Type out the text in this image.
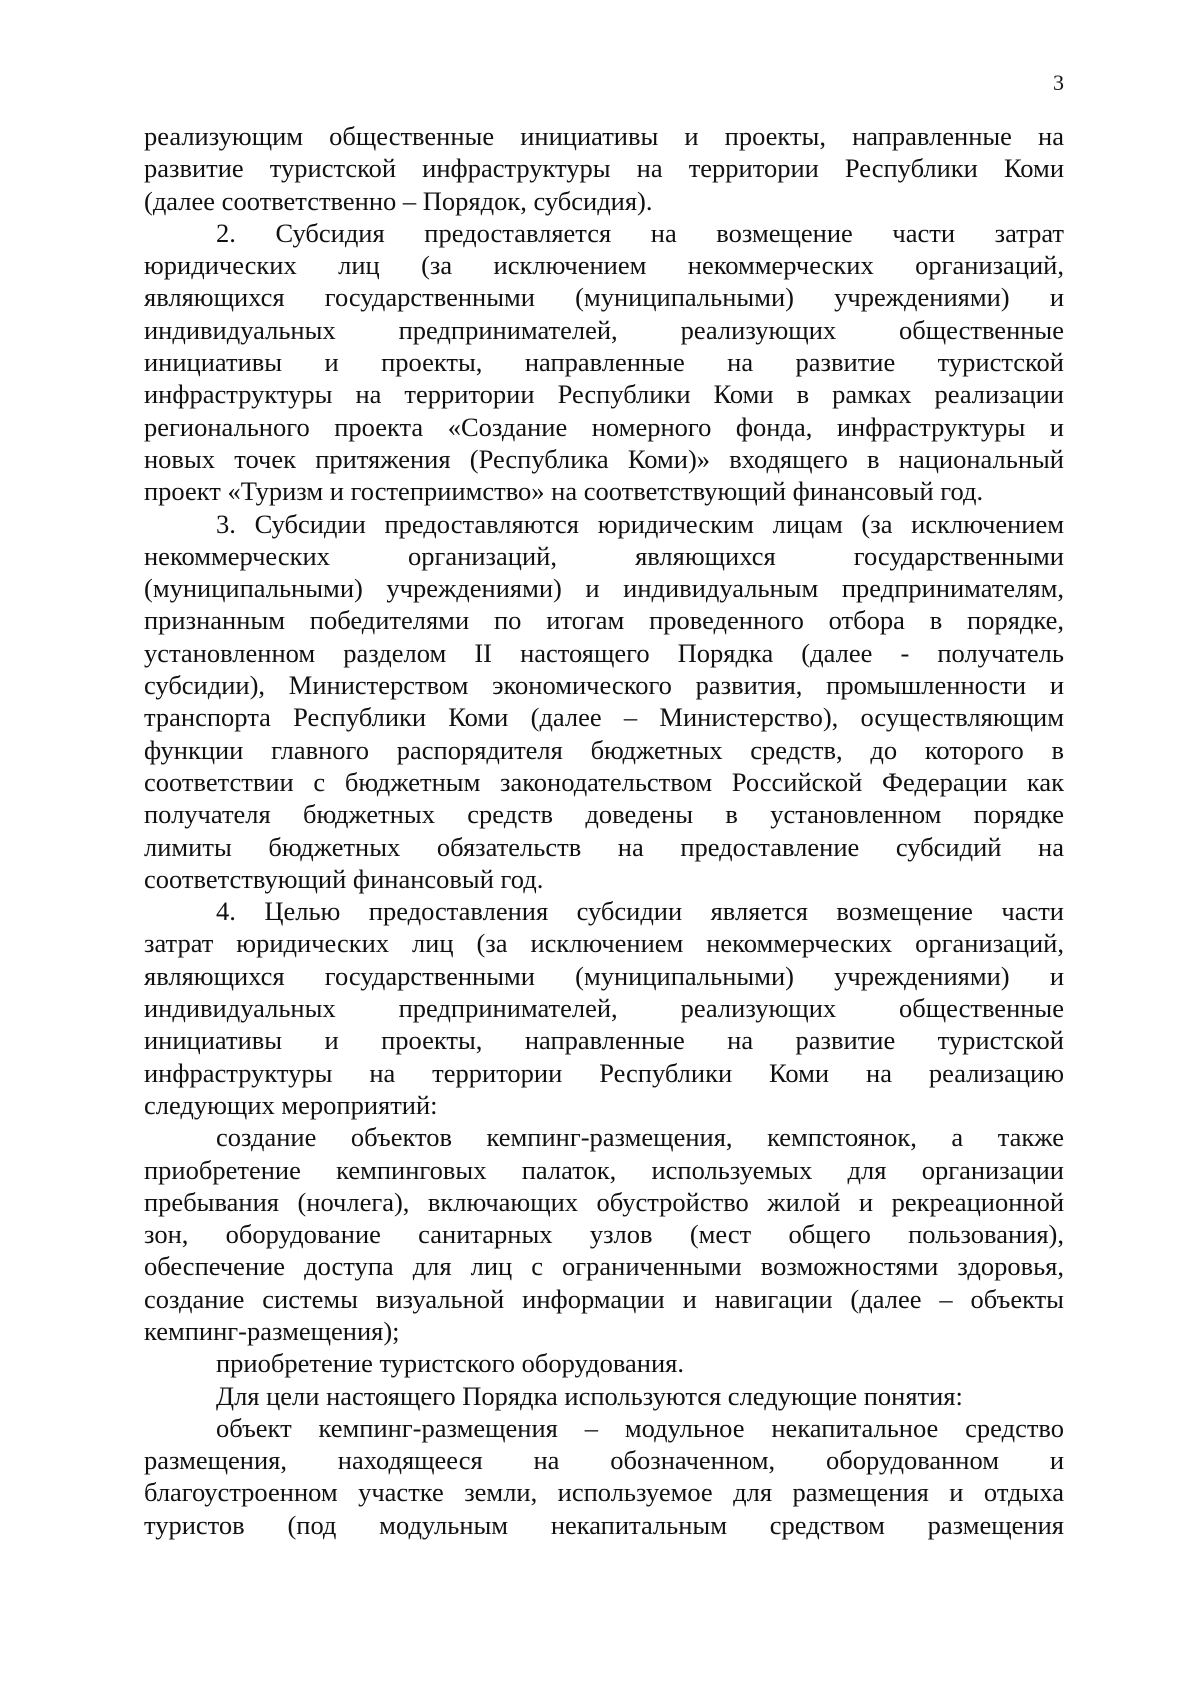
3
реализующим общественные инициативы и проекты, направленные на
развитие туристской инфраструктуры на территории Республики Коми
(далее соответственно – Порядок, субсидия).
2. Субсидия предоставляется на возмещение части затрат
юридических лиц (за исключением некоммерческих организаций,
являющихся государственными (муниципальными) учреждениями) и
индивидуальных предпринимателей, реализующих общественные
инициативы и проекты, направленные на развитие туристской
инфраструктуры на территории Республики Коми в рамках реализации
регионального проекта «Создание номерного фонда, инфраструктуры и
новых точек притяжения (Республика Коми)» входящего в национальный
проект «Туризм и гостеприимство» на соответствующий финансовый год.
3. Субсидии предоставляются юридическим лицам (за исключением
некоммерческих организаций, являющихся государственными
(муниципальными) учреждениями) и индивидуальным предпринимателям,
признанным победителями по итогам проведенного отбора в порядке,
установленном разделом II настоящего Порядка (далее - получатель
субсидии), Министерством экономического развития, промышленности и
транспорта Республики Коми (далее – Министерство), осуществляющим
функции главного распорядителя бюджетных средств, до которого в
соответствии с бюджетным законодательством Российской Федерации как
получателя бюджетных средств доведены в установленном порядке
лимиты бюджетных обязательств на предоставление субсидий на
соответствующий финансовый год.
4. Целью предоставления субсидии является возмещение части
затрат юридических лиц (за исключением некоммерческих организаций,
являющихся государственными (муниципальными) учреждениями) и
индивидуальных предпринимателей, реализующих общественные
инициативы и проекты, направленные на развитие туристской
инфраструктуры на территории Республики Коми на реализацию
следующих мероприятий:
создание объектов кемпинг-размещения, кемпстоянок, а также
приобретение кемпинговых палаток, используемых для организации
пребывания (ночлега), включающих обустройство жилой и рекреационной
зон, оборудование санитарных узлов (мест общего пользования),
обеспечение доступа для лиц с ограниченными возможностями здоровья,
создание системы визуальной информации и навигации (далее – объекты
кемпинг-размещения);
приобретение туристского оборудования.
Для цели настоящего Порядка используются следующие понятия:
объект кемпинг-размещения – модульное некапитальное средство
размещения, находящееся на обозначенном, оборудованном и
благоустроенном участке земли, используемое для размещения и отдыха
туристов (под модульным некапитальным средством размещения
